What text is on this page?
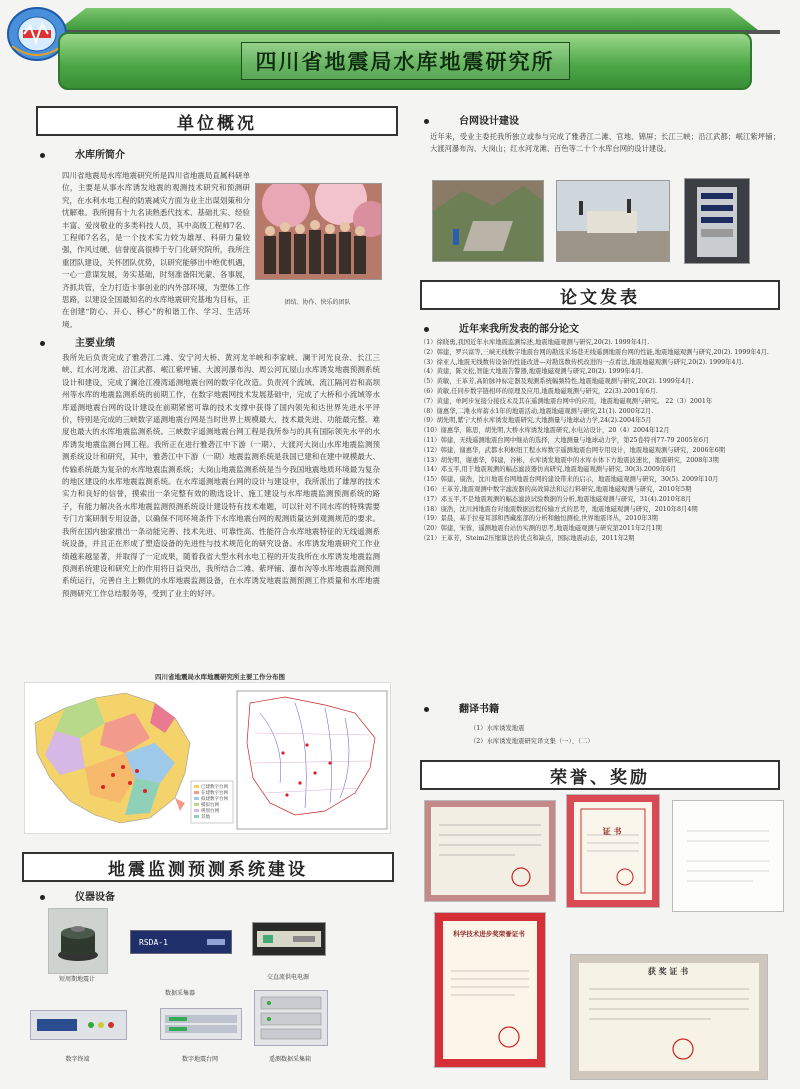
四川省地震局水库地震研究所
单位概况
水库所简介
四川省地震局水库地震研究所是四川省地震局直属科研单位，主要是从事水库诱发地震的观测技术研究和预测研究，在水利水电工程的防震减灾方面为业主出谋划策和分忧解难。我所拥有十九名读熟悉代技术、基础扎实、经验丰富、爱岗敬业的多类科技人员，其中高级工程师7名、工程师7名名，是一个技术实力较为雄厚、科研力量较强，作风过硬、信誉度高很棒于专门化研究院所，我所注重团队建设，关怀团队优势，以研究能够出中绝优机遇，一心一意谋发展，务实基础，时刻准备阳光蒙、各事展，齐抓共管，全力打造卡事创业的内外部环境，为塑体工作思路，以建设全国最知名的水库地震研究基地为目标，正在创建“防心、开心、移心”的和谐工作、学习、生活环境。
团结、协作、快乐的团队
主要业绩
我所先后负责完成了雅砻江二滩、安宁河大桥、黄河龙羊峡和李家峡、澜干河光良杂、长江三峡、红水河龙滩、沿江武都、岷江紫坪铺、大渡河瀑布沟、周公河瓦屋山水库诱发地震预测系统设计和建设，完成了澜沧江漫湾遥测地震台网的数字化改造。负责河个流域、流江隔河岩和高坝州等水库的地震监测系统的前期工作，在数字地震网技术发展基础中，完成了大桥和小流域等水库遥测地震台网的设计建设在前期紧密可靠的技术支撑中获得了国内领先和达世界先进水平评价，特别是完成的三峡数字遥测地震台网是当时世界上规模最大、技术最先进、功能最完整、难度也最大的水库地震监测系统。三峡数字遥测地震台网工程是我所参与的具有国际领先水平的水库诱发地震监测台网工程。我所正在进行雅砻江中下游（一期）、大渡河大岗山水库地震监测预测系统设计和研究，其中，雅砻江中下游（一期）地震监测系统是我国已建和在建中规模最大、传输系统最为复杂的水库地震监测系统；大岗山地震监测系统是当今我国地震地质环境最为复杂的地区建设的水库地震监测系统。在水库遥测地震台网的设计与建设中，我所派出了雄厚的技术实力和良好的信誉，摸索出一条完整有效的勘选设计、施工建设与水库地震监测预测系统的路子，有能力解决各水库地震监测预测系统设计建设特有技术难题，可以针对不同水库的特殊需要专门方案研制专用设备，以确保不同环境条件下水库地震台网的观测质量达到观测规范的要求。我所在国内独家推出一条动能完善、技术先进、可靠性高、性能符合水库地震特征的无线遥测系统设备，并且正在形成了塑造设备的先进性与技术规范化的研究设备。水库诱发地震研究工作业绩越来越显著，并取得了一定成果，随着我省大型水利水电工程的开发我所在水库诱发地震监测预测系统建设和研究上的作用将日益突出，我所结合二滩、紫坪铺、瀑布沟等水库地震监测预测系统运行，完善自主上颗优的水库地震监测设备，在水库诱发地震监测预测工作质量和水库地震预测研究工作总结服务等，受到了业主的好评。
四川省地震局水库地震研究所主要工作分布图
已建数字台网
在建数字台网
拟建数字台网
模拟台网
规划台网
其他
地震监测预测系统建设
仪器设备
短周期地震计
RSDA-1
数据采集器
交直流供电电源
数字终端	数字地震台网	遥测数据采集箱
台网设计建设
近年来，受业主委托我所独立或参与完成了雅砻江二滩、官地、锦屏；长江三峡；沿江武都；岷江紫坪铺；大渡河瀑布沟、大岗山；红水河龙滩、百色等二十个水库台网的设计建设。
论文发表
近年来我所发表的部分论文
（1）徐晓勇,我国近年水库地震监测综述,地震地磁观测与研究,20(2). 1999年4月.
（2）韩建，罗兴富等,三峡无线数字地震台网的勘选采场巷无线遥测地震台网的性能,地震地磁观测与研究,20(2). 1999年4月.
（3）徐亚人,地震无线数传设备的性能改进—对勘选数传机改进的一点看法,地震地磁观测与研究,20(2). 1999年4月.
（4）黄建，陈文松,智能大地震告警器,地震地磁观测与研究,20(2). 1999年4月.
（5）黄敏，王革芳,高阶脉冲标定器及观测系统幅频特性,地震地磁观测与研究,20(2). 1999年4月.
（6）黄敏,任同步数字链相环的原理及应用,地震地磁观测与研究，22(3).2001年6月.
（7）黄建，单阿步复接分接技术及其在遥测地震台网中的应用，地震地磁观测与研究。 22（3）2001年
（8）谢惠华,二滩水库蓄水1年的地震活动,地震地磁观测与研究,21(1). 2000年2月.
（9）胡先明,紫宁大桥水库诱发地震研究,大地测量与地球动力学,24(2).2004年5月
（10）谢惠华，陈思，胡先明,大桥水库诱发地震研究,水电站设计，20（4）2004年12月
（11）韩建，无线遥测地震台网中继站的选择，大地测量与地球动力学，第25卷特刊77-79 2005年6月
（12）韩建，谢惠华，武都水利枢纽工程水库数字遥测地震台网专用设计，地震地磁观测与研究，2006年6期
（13）胡先明，谢惠华，韩建，谷彬，水库诱发地震中的水库水体下方地震波速比，地震研究，2008年3期
（14）邓玉平,用于地震观测的幅态滤波器仿真研究,地震地磁观测与研究, 30(3).2009年6月
（15）韩建，康浩，沈川地震台网地震台网的建设带来的启示，地震地磁观测与研究，30(5). 2009年10月
（16）王革芳,地震观测中数字滤波器的高效算法和运行料研究,地震地磁观测与研究，2010年5期
（17）邓玉平,不是地震观测的幅态滤波试验数据的分析,地震地磁观测与研究，31(4).2010年8月
（18）康浩，沈川洲地震台对地震数据远程传输方式的思考，地震地磁观测与研究，2010年8月4期
（19）景晨，基于拉曼耳部和西藏座部的分析和触恒测检,世界地震译丛，2010年3期
（20）韩建，宋蓉，遥测地震台站仿实测的思考,地震地磁观测与研究第2011年2月1期
（21）王革芳，Steim2压缩算法的优点和缺点，国际地震动态，2011年2期
翻译书籍
（1）水库诱发地震
（2）水库诱发地震研究译文集（一）、（二）
荣誉、奖励
证 书
科学技术进步奖荣誉证书
获 奖 证 书
